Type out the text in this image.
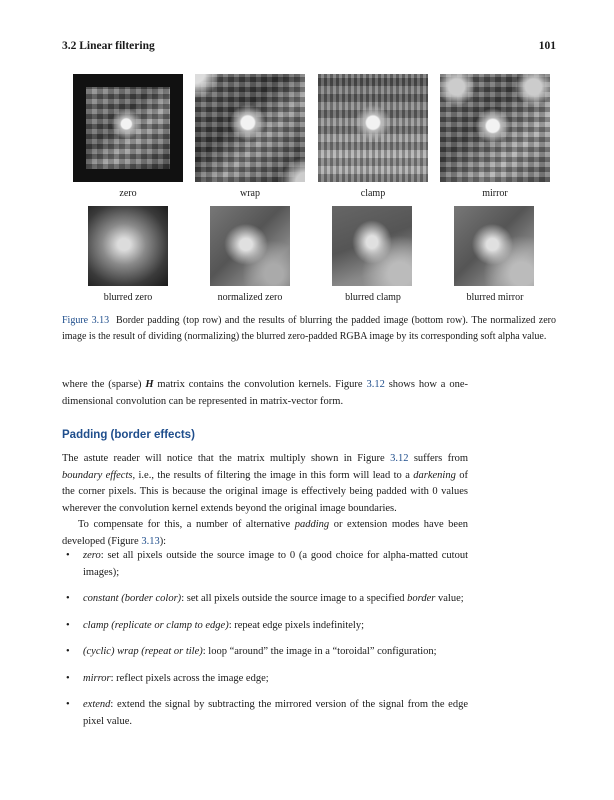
3.2 Linear filtering	101
zero	wrap	clamp	mirror
blurred zero	normalized zero	blurred clamp	blurred mirror
Figure 3.13 Border padding (top row) and the results of blurring the padded image (bottom row). The normalized zero image is the result of dividing (normalizing) the blurred zero-padded RGBA image by its corresponding soft alpha value.

where the (sparse) H matrix contains the convolution kernels. Figure 3.12 shows how a one-dimensional convolution can be represented in matrix-vector form.

Padding (border effects)

The astute reader will notice that the matrix multiply shown in Figure 3.12 suffers from boundary effects, i.e., the results of filtering the image in this form will lead to a darkening of the corner pixels. This is because the original image is effectively being padded with 0 values wherever the convolution kernel extends beyond the original image boundaries.

To compensate for this, a number of alternative padding or extension modes have been developed (Figure 3.13):

• zero: set all pixels outside the source image to 0 (a good choice for alpha-matted cutout images);
• constant (border color): set all pixels outside the source image to a specified border value;
• clamp (replicate or clamp to edge): repeat edge pixels indefinitely;
• (cyclic) wrap (repeat or tile): loop “around” the image in a “toroidal” configuration;
• mirror: reflect pixels across the image edge;
• extend: extend the signal by subtracting the mirrored version of the signal from the edge pixel value.
